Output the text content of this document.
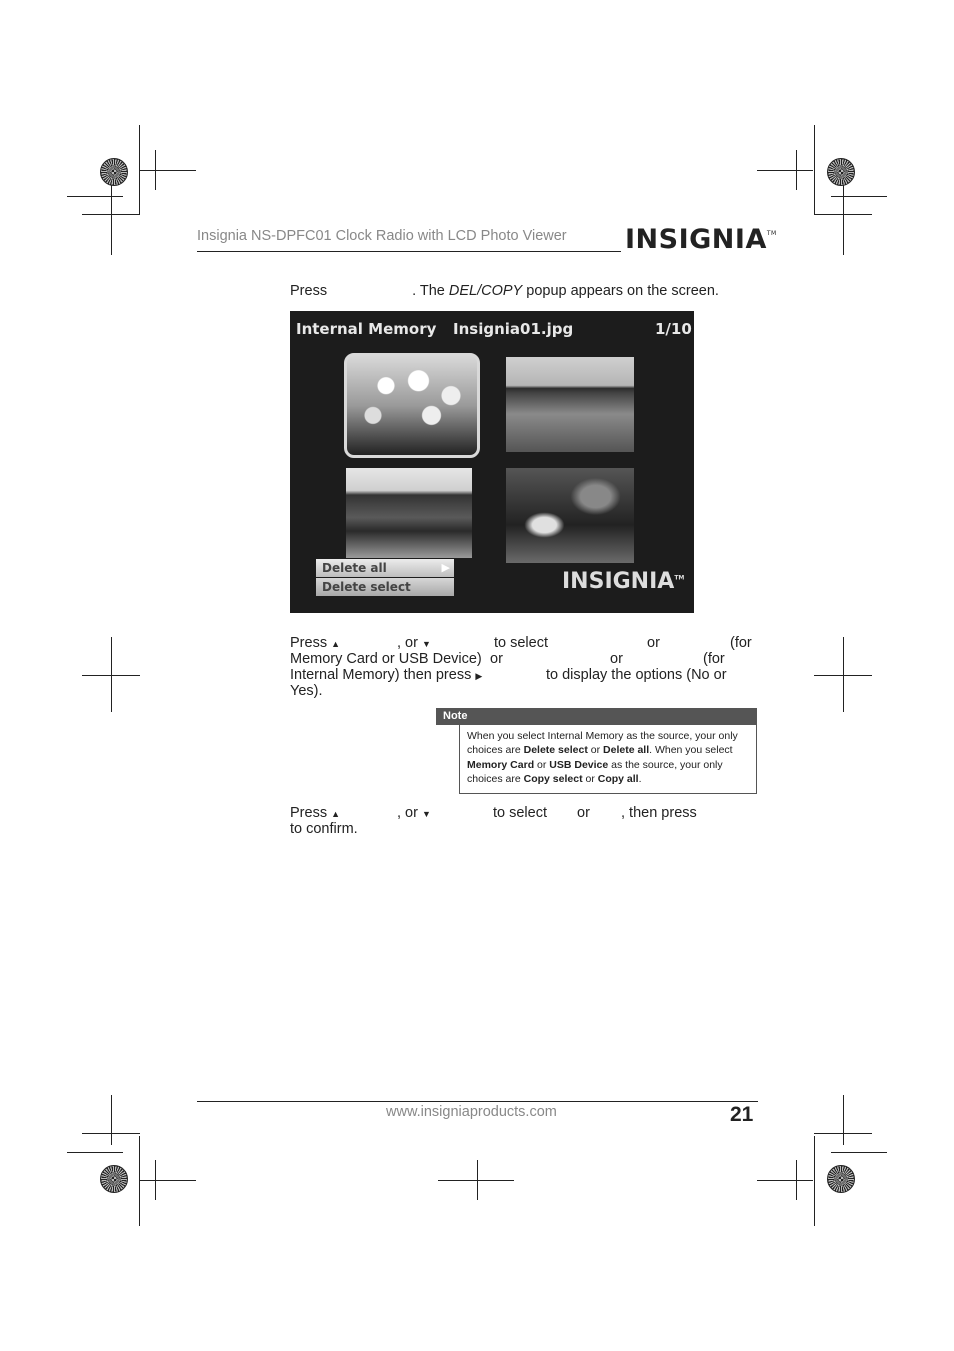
Insignia NS-DPFC01 Clock Radio with LCD Photo Viewer INSIGNIA™
Press	. The DEL/COPY popup appears on the screen.
Internal Memory Insignia01.jpg	1/10
Delete all	▶
Delete select	INSIGNIA™
Press ▲	, or ▼	to select	or	(for
Memory Card or USB Device) or	or	(for
Internal Memory) then press ▶	to display the options (No or
Yes).
Note
When you select Internal Memory as the source, your only choices are Delete select or Delete all. When you select Memory Card or USB Device as the source, your only choices are Copy select or Copy all.
Press ▲	, or ▼	to select or , then press
to confirm.
www.insigniaproducts.com	21
